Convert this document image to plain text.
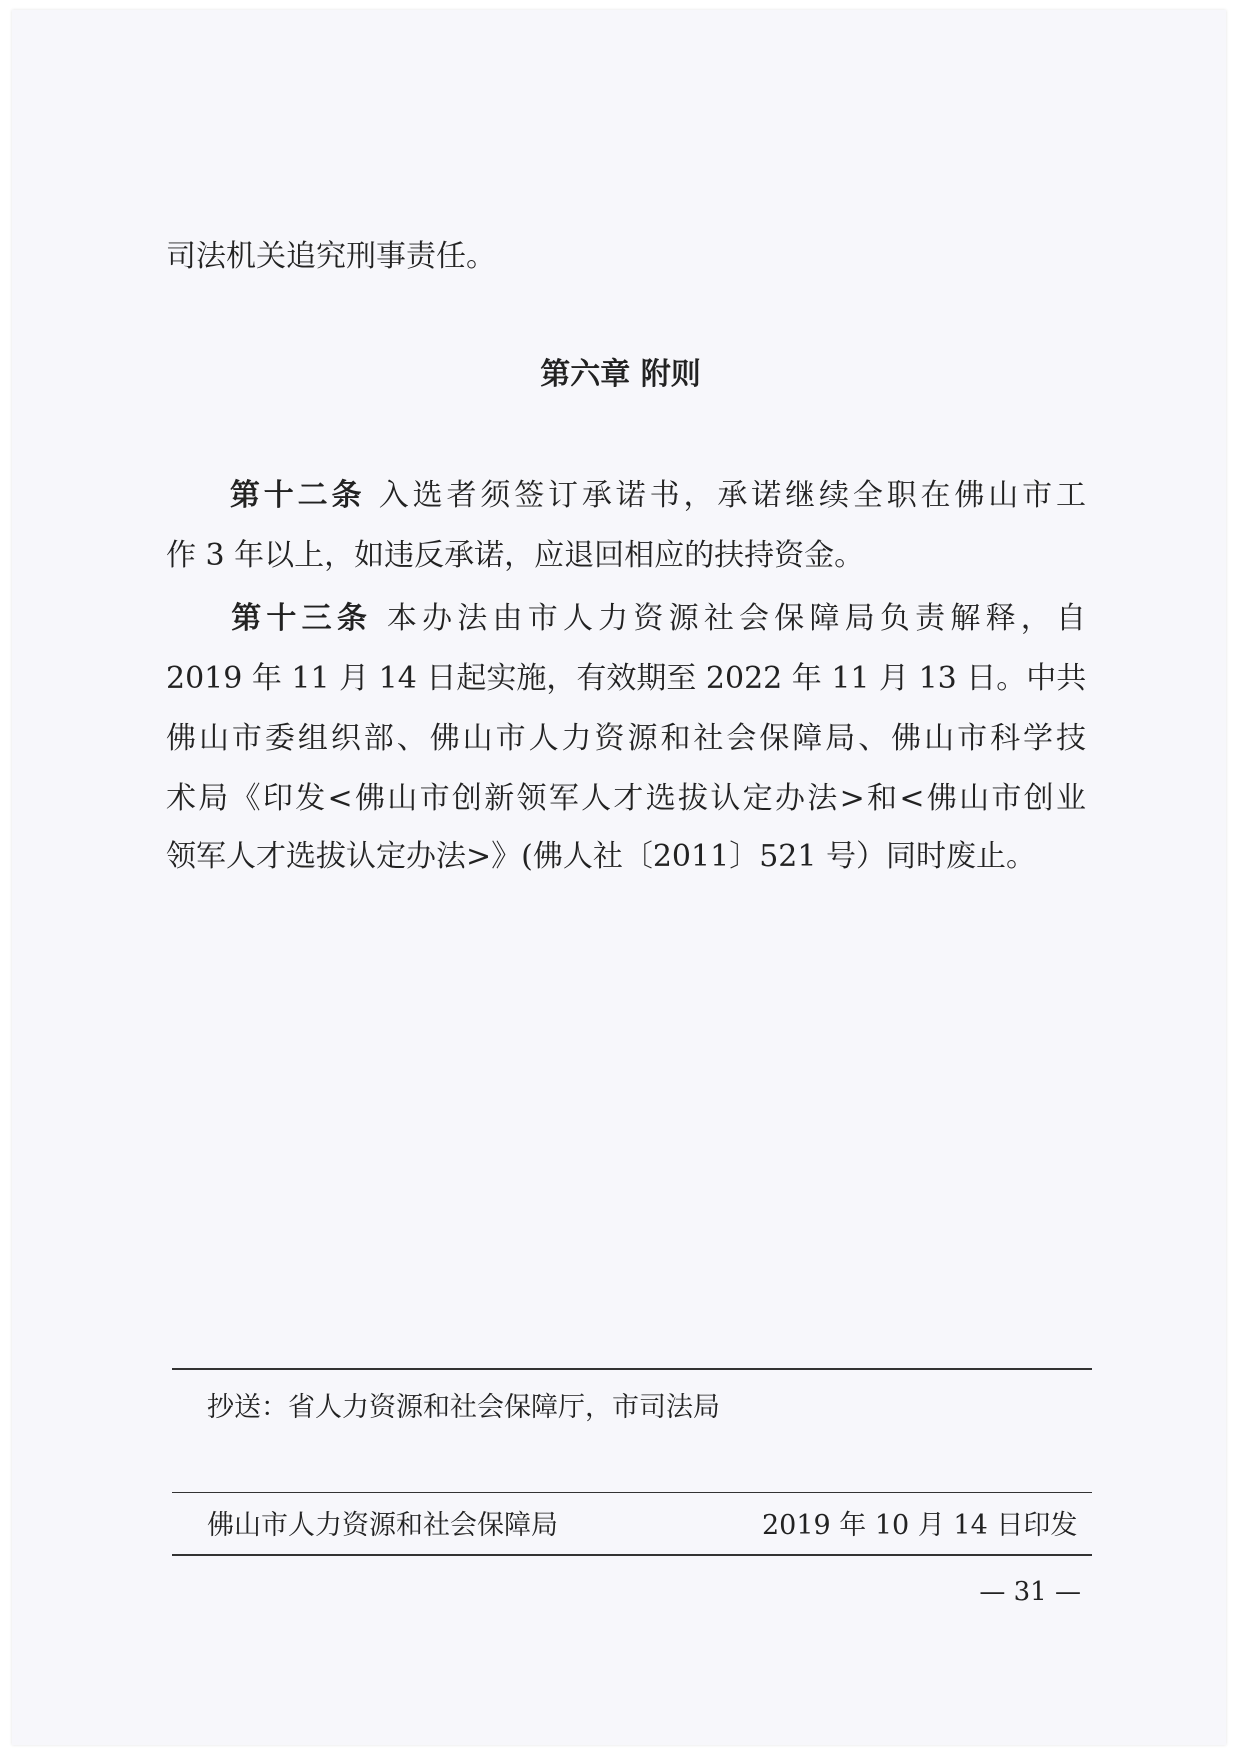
司法机关追究刑事责任。
第六章 附则
第十二条 入选者须签订承诺书，承诺继续全职在佛山市工
作 3 年以上，如违反承诺，应退回相应的扶持资金。
第十三条 本办法由市人力资源社会保障局负责解释，自
2019 年 11 月 14 日起实施，有效期至 2022 年 11 月 13 日。中共
佛山市委组织部、佛山市人力资源和社会保障局、佛山市科学技
术局《印发<佛山市创新领军人才选拔认定办法>和<佛山市创业
领军人才选拔认定办法>》(佛人社〔2011〕521 号）同时废止。
抄送：省人力资源和社会保障厅，市司法局
佛山市人力资源和社会保障局	2019 年 10 月 14 日印发
— 31 —
